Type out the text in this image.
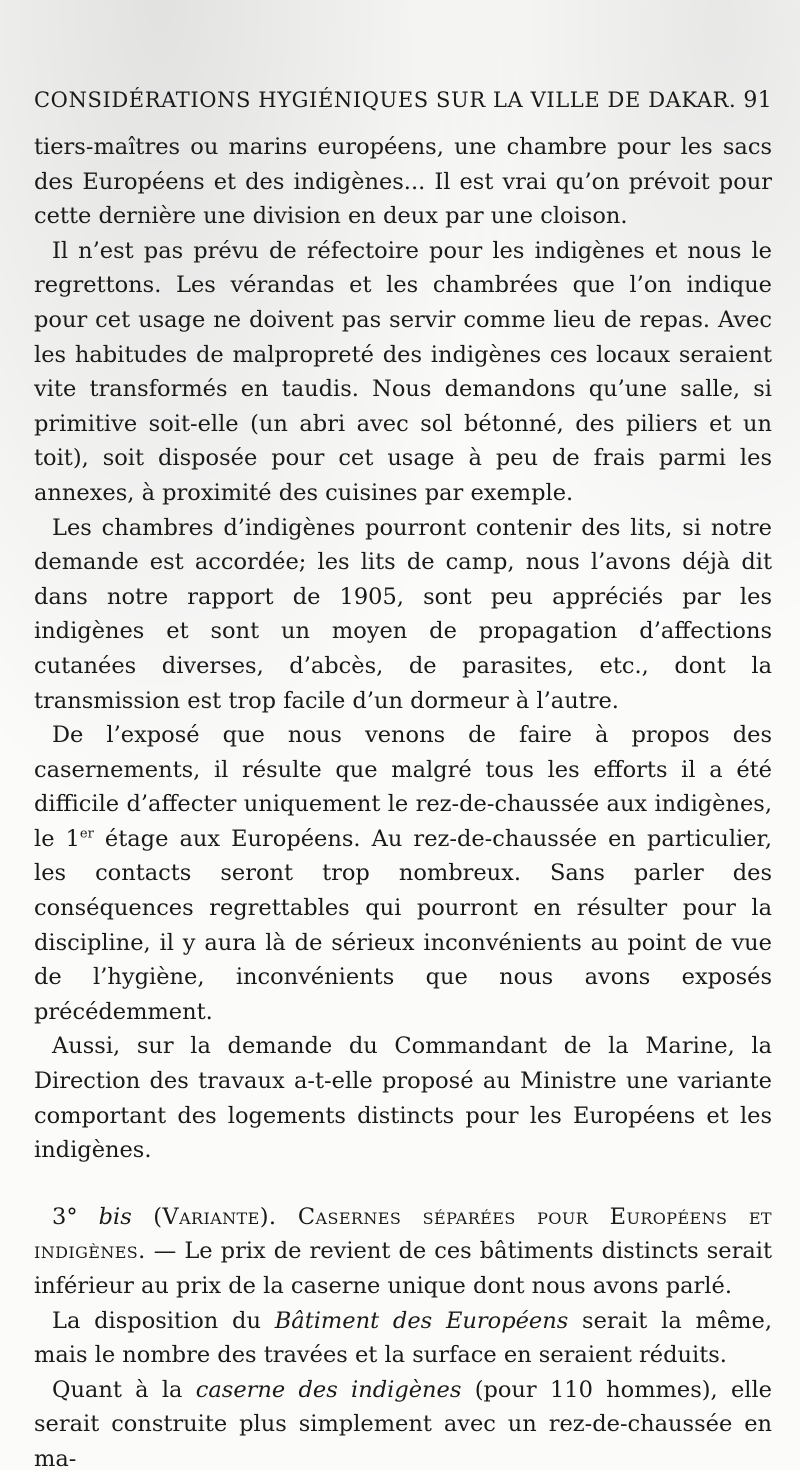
CONSIDÉRATIONS HYGIÉNIQUES SUR LA VILLE DE DAKAR. 91

tiers-maîtres ou marins européens, une chambre pour les sacs des Européens et des indigènes... Il est vrai qu’on prévoit pour cette dernière une division en deux par une cloison.

Il n’est pas prévu de réfectoire pour les indigènes et nous le regrettons. Les vérandas et les chambrées que l’on indique pour cet usage ne doivent pas servir comme lieu de repas. Avec les habitudes de malpropreté des indigènes ces locaux seraient vite transformés en taudis. Nous demandons qu’une salle, si primitive soit-elle (un abri avec sol bétonné, des piliers et un toit), soit disposée pour cet usage à peu de frais parmi les annexes, à proximité des cuisines par exemple.

Les chambres d’indigènes pourront contenir des lits, si notre demande est accordée; les lits de camp, nous l’avons déjà dit dans notre rapport de 1905, sont peu appréciés par les indigènes et sont un moyen de propagation d’affections cutanées diverses, d’abcès, de parasites, etc., dont la transmission est trop facile d’un dormeur à l’autre.

De l’exposé que nous venons de faire à propos des casernements, il résulte que malgré tous les efforts il a été difficile d’affecter uniquement le rez-de-chaussée aux indigènes, le 1er étage aux Européens. Au rez-de-chaussée en particulier, les contacts seront trop nombreux. Sans parler des conséquences regrettables qui pourront en résulter pour la discipline, il y aura là de sérieux inconvénients au point de vue de l’hygiène, inconvénients que nous avons exposés précédemment.

Aussi, sur la demande du Commandant de la Marine, la Direction des travaux a-t-elle proposé au Ministre une variante comportant des logements distincts pour les Européens et les indigènes.

3° bis (Variante). Casernes séparées pour Européens et indigènes. — Le prix de revient de ces bâtiments distincts serait inférieur au prix de la caserne unique dont nous avons parlé.

La disposition du Bâtiment des Européens serait la même, mais le nombre des travées et la surface en seraient réduits.

Quant à la caserne des indigènes (pour 110 hommes), elle serait construite plus simplement avec un rez-de-chaussée en ma-
